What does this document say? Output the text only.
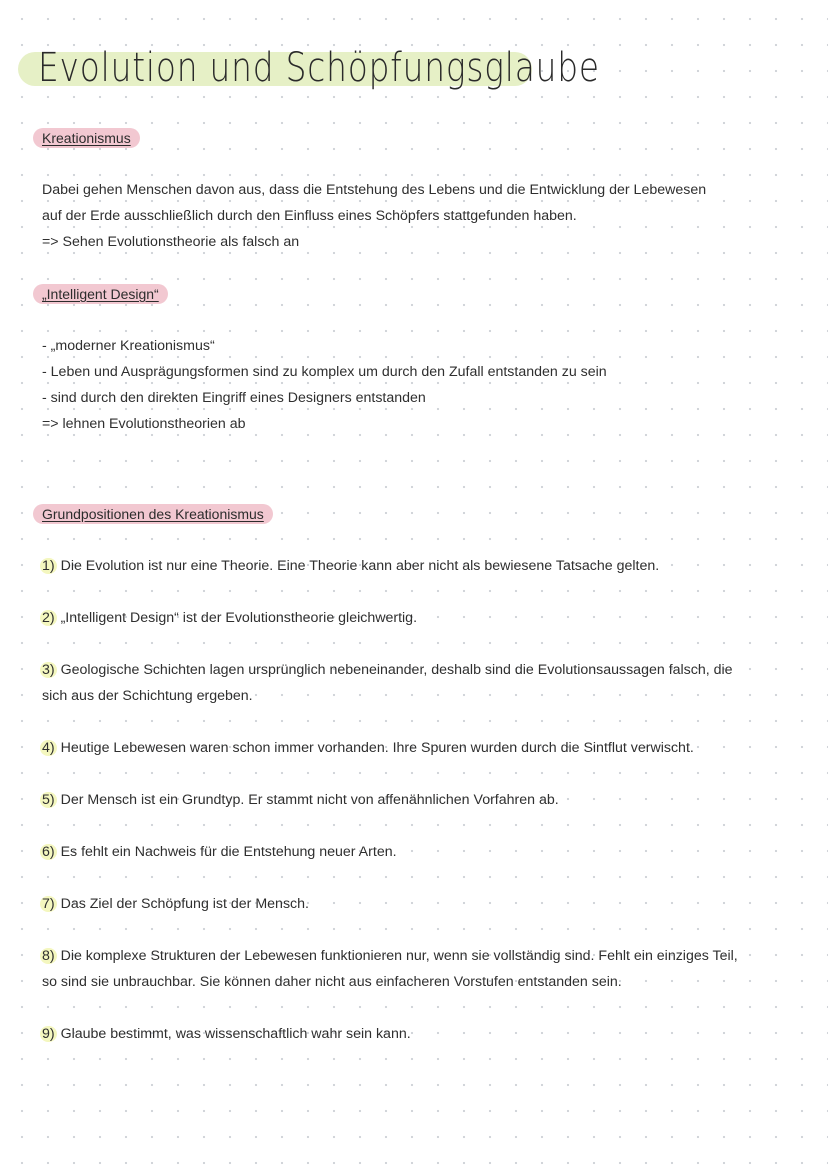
Evolution und Schöpfungsglaube
Kreationismus
Dabei gehen Menschen davon aus, dass die Entstehung des Lebens und die Entwicklung der Lebewesen
auf der Erde ausschließlich durch den Einfluss eines Schöpfers stattgefunden haben.
=> Sehen Evolutionstheorie als falsch an
„Intelligent Design“
- „moderner Kreationismus“
- Leben und Ausprägungsformen sind zu komplex um durch den Zufall entstanden zu sein
- sind durch den direkten Eingriff eines Designers entstanden
=> lehnen Evolutionstheorien ab
Grundpositionen des Kreationismus
1) Die Evolution ist nur eine Theorie. Eine Theorie kann aber nicht als bewiesene Tatsache gelten.
2) „Intelligent Design“ ist der Evolutionstheorie gleichwertig.
3) Geologische Schichten lagen ursprünglich nebeneinander, deshalb sind die Evolutionsaussagen falsch, die
sich aus der Schichtung ergeben.
4) Heutige Lebewesen waren schon immer vorhanden. Ihre Spuren wurden durch die Sintflut verwischt.
5) Der Mensch ist ein Grundtyp. Er stammt nicht von affenähnlichen Vorfahren ab.
6) Es fehlt ein Nachweis für die Entstehung neuer Arten.
7) Das Ziel der Schöpfung ist der Mensch.
8) Die komplexe Strukturen der Lebewesen funktionieren nur, wenn sie vollständig sind. Fehlt ein einziges Teil,
so sind sie unbrauchbar. Sie können daher nicht aus einfacheren Vorstufen entstanden sein.
9) Glaube bestimmt, was wissenschaftlich wahr sein kann.
